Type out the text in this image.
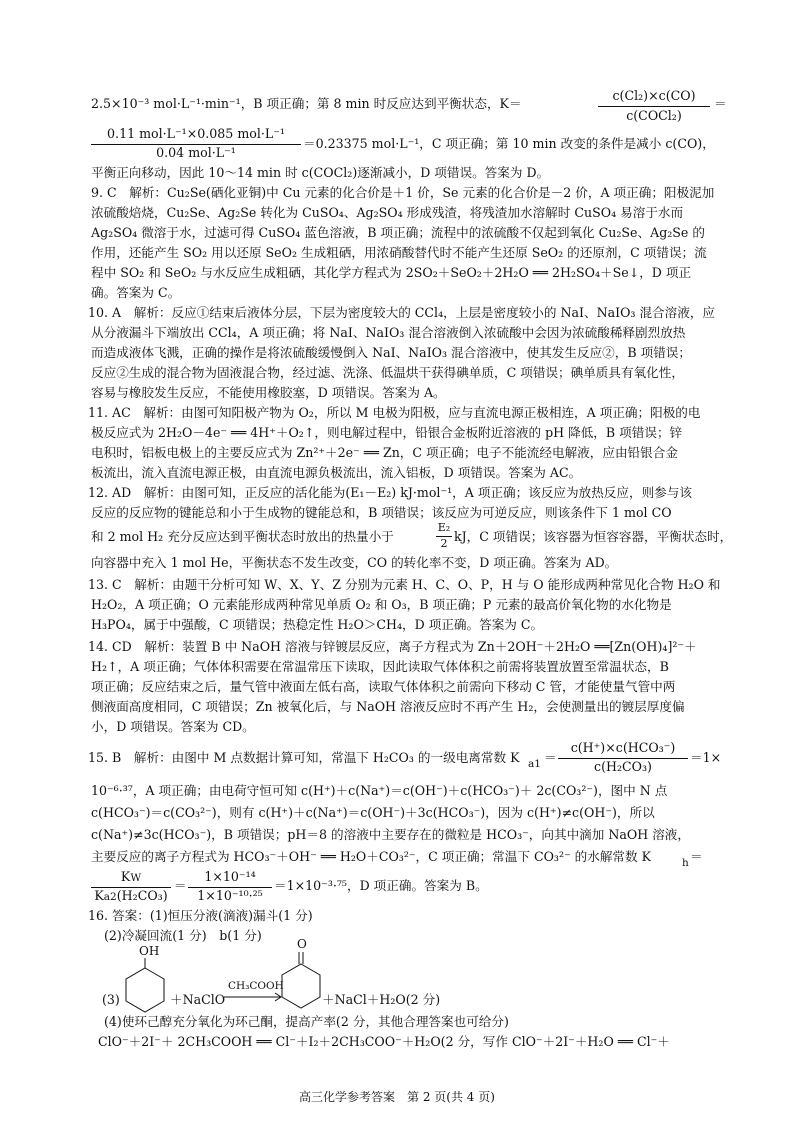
2.5×10⁻³ mol·L⁻¹·min⁻¹，B 项正确；第 8 min 时反应达到平衡状态，K＝
c(Cl₂)×c(CO)
c(COCl₂)
＝
0.11 mol·L⁻¹×0.085 mol·L⁻¹
0.04 mol·L⁻¹
＝0.23375 mol·L⁻¹，C 项正确；第 10 min 改变的条件是减小 c(CO)，
平衡正向移动，因此 10～14 min 时 c(COCl₂)逐渐减小，D 项错误。答案为 D。
9. C　解析：Cu₂Se(硒化亚铜)中 Cu 元素的化合价是＋1 价，Se 元素的化合价是－2 价，A 项正确；阳极泥加
浓硫酸焙烧，Cu₂Se、Ag₂Se 转化为 CuSO₄、Ag₂SO₄ 形成残渣，将残渣加水溶解时 CuSO₄ 易溶于水而
Ag₂SO₄ 微溶于水，过滤可得 CuSO₄ 蓝色溶液，B 项正确；流程中的浓硫酸不仅起到氧化 Cu₂Se、Ag₂Se 的
作用，还能产生 SO₂ 用以还原 SeO₂ 生成粗硒，用浓硝酸替代时不能产生还原 SeO₂ 的还原剂，C 项错误；流
程中 SO₂ 和 SeO₂ 与水反应生成粗硒，其化学方程式为 2SO₂＋SeO₂＋2H₂O ══ 2H₂SO₄＋Se↓，D 项正
确。答案为 C。
10. A　解析：反应①结束后液体分层，下层为密度较大的 CCl₄，上层是密度较小的 NaI、NaIO₃ 混合溶液，应
从分液漏斗下端放出 CCl₄，A 项正确；将 NaI、NaIO₃ 混合溶液倒入浓硫酸中会因为浓硫酸稀释剧烈放热
而造成液体飞溅，正确的操作是将浓硫酸缓慢倒入 NaI、NaIO₃ 混合溶液中，使其发生反应②，B 项错误；
反应②生成的混合物为固液混合物，经过滤、洗涤、低温烘干获得碘单质，C 项错误；碘单质具有氧化性，
容易与橡胶发生反应，不能使用橡胶塞，D 项错误。答案为 A。
11. AC　解析：由图可知阳极产物为 O₂，所以 M 电极为阳极，应与直流电源正极相连，A 项正确；阳极的电
极反应式为 2H₂O－4e⁻ ══ 4H⁺＋O₂↑，则电解过程中，铅银合金板附近溶液的 pH 降低，B 项错误；锌
电积时，铝板电极上的主要反应式为 Zn²⁺＋2e⁻ ══ Zn，C 项正确；电子不能流经电解液，应由铅银合金
板流出，流入直流电源正极，由直流电源负极流出，流入铝板，D 项错误。答案为 AC。
12. AD　解析：由图可知，正反应的活化能为(E₁－E₂) kJ·mol⁻¹，A 项正确；该反应为放热反应，则参与该
反应的反应物的键能总和小于生成物的键能总和，B 项错误；该反应为可逆反应，则该条件下 1 mol CO
和 2 mol H₂ 充分反应达到平衡状态时放出的热量小于
E₂
2 kJ，C 项错误；该容器为恒容容器，平衡状态时，
向容器中充入 1 mol He，平衡状态不发生改变，CO 的转化率不变，D 项正确。答案为 AD。
13. C　解析：由题干分析可知 W、X、Y、Z 分别为元素 H、C、O、P，H 与 O 能形成两种常见化合物 H₂O 和
H₂O₂，A 项正确；O 元素能形成两种常见单质 O₂ 和 O₃，B 项正确；P 元素的最高价氧化物的水化物是
H₃PO₄，属于中强酸，C 项错误；热稳定性 H₂O＞CH₄，D 项正确。答案为 C。
14. CD　解析：装置 B 中 NaOH 溶液与锌镀层反应，离子方程式为 Zn＋2OH⁻＋2H₂O ══[Zn(OH)₄]²⁻＋
H₂↑，A 项正确；气体体积需要在常温常压下读取，因此读取气体体积之前需将装置放置至常温状态，B
项正确；反应结束之后，量气管中液面左低右高，读取气体体积之前需向下移动 C 管，才能使量气管中两
侧液面高度相同，C 项错误；Zn 被氧化后，与 NaOH 溶液反应时不再产生 H₂，会使测量出的镀层厚度偏
小，D 项错误。答案为 CD。
15. B　解析：由图中 M 点数据计算可知，常温下 H₂CO₃ 的一级电离常数 K a1 ＝
c(H⁺)×c(HCO₃⁻)
c(H₂CO₃)
＝1×
10⁻⁶·³⁷，A 项正确；由电荷守恒可知 c(H⁺)＋c(Na⁺)＝c(OH⁻)＋c(HCO₃⁻)＋ 2c(CO₃²⁻)，图中 N 点
c(HCO₃⁻)＝c(CO₃²⁻)，则有 c(H⁺)＋c(Na⁺)＝c(OH⁻)＋3c(HCO₃⁻)，因为 c(H⁺)≠c(OH⁻)，所以
c(Na⁺)≠3c(HCO₃⁻)，B 项错误；pH＝8 的溶液中主要存在的微粒是 HCO₃⁻，向其中滴加 NaOH 溶液，
主要反应的离子方程式为 HCO₃⁻＋OH⁻ ══ H₂O＋CO₃²⁻，C 项正确；常温下 CO₃²⁻ 的水解常数 K	h ＝
KW
Ka2(H₂CO₃)
＝
1×10⁻¹⁴
1×10⁻¹⁰·²⁵
＝1×10⁻³·⁷⁵，D 项正确。答案为 B。
16. 答案：(1)恒压分液(滴液)漏斗(1 分)
(2)冷凝回流(1 分)　b(1 分)
OH
(3)	＋NaClO
CH₃COOH
O
＋NaCl＋H₂O(2 分)
(4)使环己醇充分氧化为环己酮，提高产率(2 分，其他合理答案也可给分)
ClO⁻＋2I⁻＋ 2CH₃COOH ══ Cl⁻＋I₂＋2CH₃COO⁻＋H₂O(2 分，写作 ClO⁻＋2I⁻＋H₂O ══ Cl⁻＋
高三化学参考答案　第 2 页(共 4 页)
